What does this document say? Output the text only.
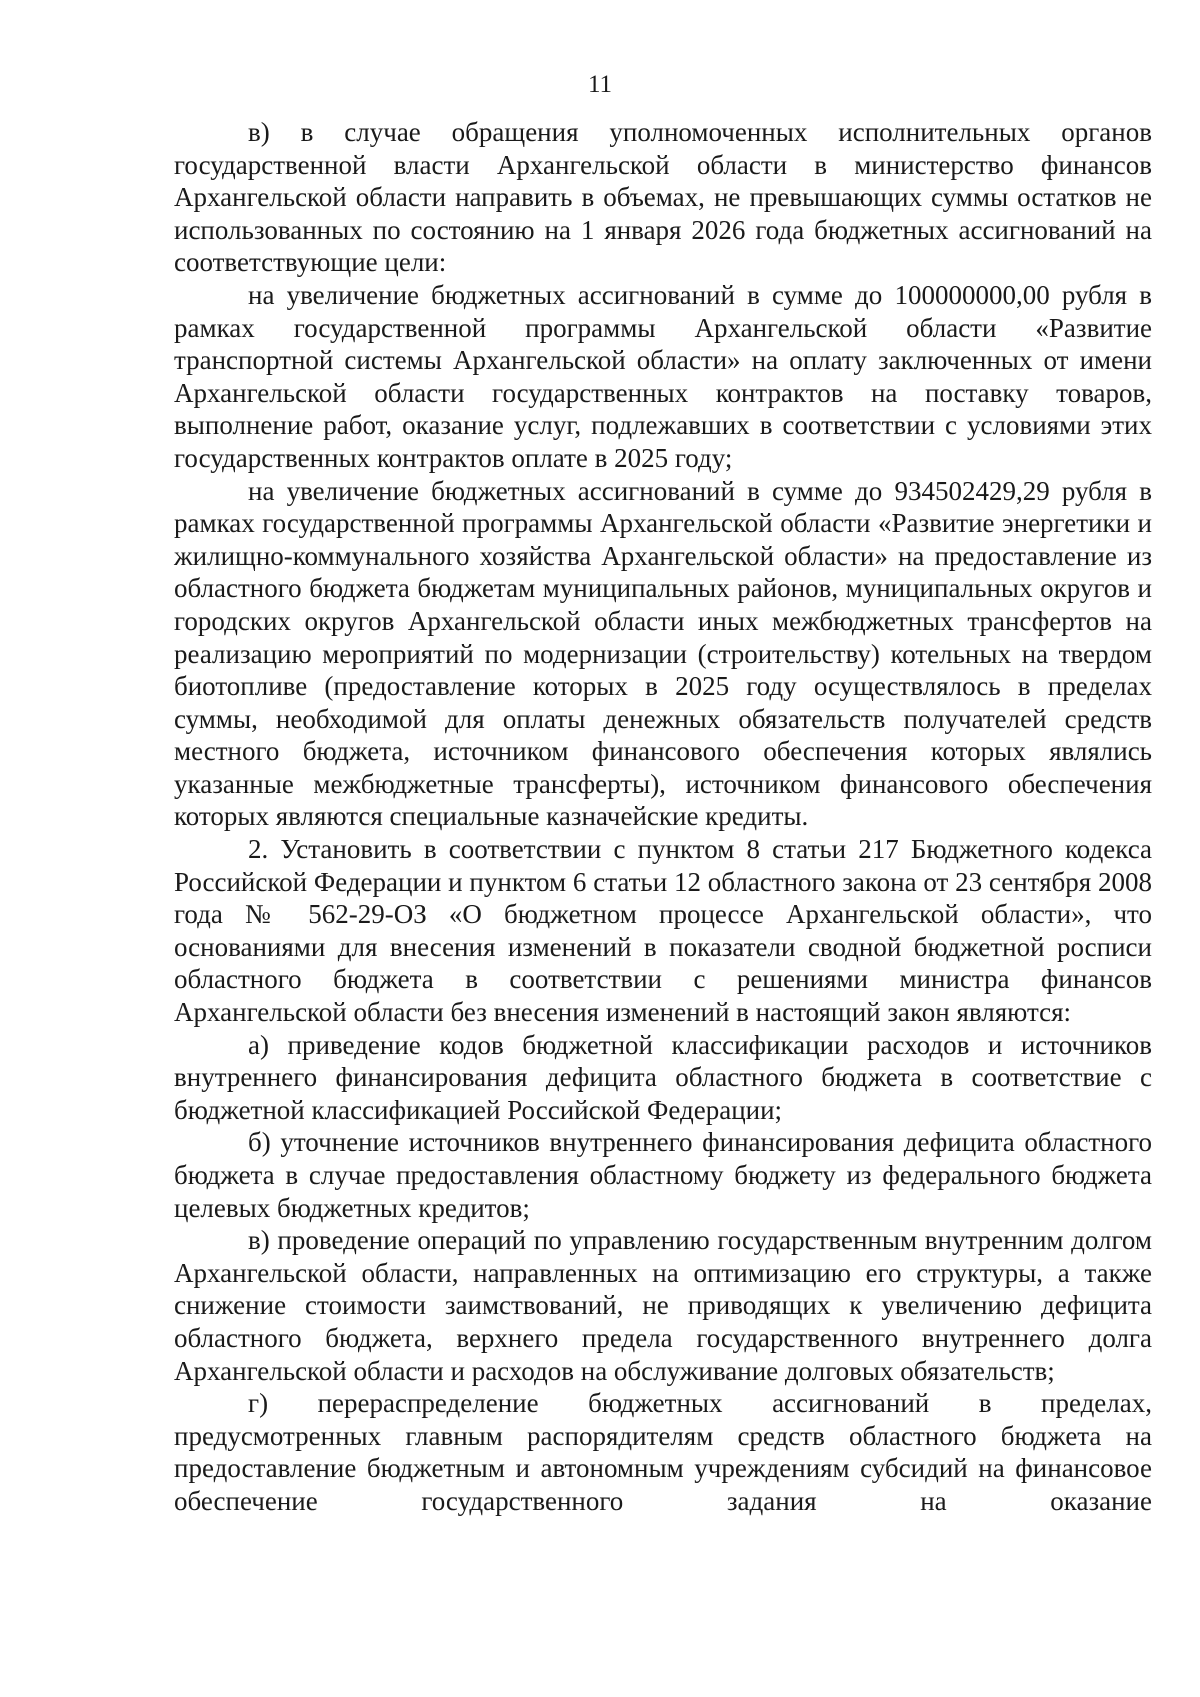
11

в) в случае обращения уполномоченных исполнительных органов государственной власти Архангельской области в министерство финансов Архангельской области направить в объемах, не превышающих суммы остатков не использованных по состоянию на 1 января 2026 года бюджетных ассигнований на соответствующие цели:

на увеличение бюджетных ассигнований в сумме до 100000000,00 рубля в рамках государственной программы Архангельской области «Развитие транспортной системы Архангельской области» на оплату заключенных от имени Архангельской области государственных контрактов на поставку товаров, выполнение работ, оказание услуг, подлежавших в соответствии с условиями этих государственных контрактов оплате в 2025 году;

на увеличение бюджетных ассигнований в сумме до 934502429,29 рубля в рамках государственной программы Архангельской области «Развитие энергетики и жилищно-коммунального хозяйства Архангельской области» на предоставление из областного бюджета бюджетам муниципальных районов, муниципальных округов и городских округов Архангельской области иных межбюджетных трансфертов на реализацию мероприятий по модернизации (строительству) котельных на твердом биотопливе (предоставление которых в 2025 году осуществлялось в пределах суммы, необходимой для оплаты денежных обязательств получателей средств местного бюджета, источником финансового обеспечения которых являлись указанные межбюджетные трансферты), источником финансового обеспечения которых являются специальные казначейские кредиты.

2. Установить в соответствии с пунктом 8 статьи 217 Бюджетного кодекса Российской Федерации и пунктом 6 статьи 12 областного закона от 23 сентября 2008 года № 562-29-ОЗ «О бюджетном процессе Архангельской области», что основаниями для внесения изменений в показатели сводной бюджетной росписи областного бюджета в соответствии с решениями министра финансов Архангельской области без внесения изменений в настоящий закон являются:

а) приведение кодов бюджетной классификации расходов и источников внутреннего финансирования дефицита областного бюджета в соответствие с бюджетной классификацией Российской Федерации;

б) уточнение источников внутреннего финансирования дефицита областного бюджета в случае предоставления областному бюджету из федерального бюджета целевых бюджетных кредитов;

в) проведение операций по управлению государственным внутренним долгом Архангельской области, направленных на оптимизацию его структуры, а также снижение стоимости заимствований, не приводящих к увеличению дефицита областного бюджета, верхнего предела государственного внутреннего долга Архангельской области и расходов на обслуживание долговых обязательств;

г) перераспределение бюджетных ассигнований в пределах, предусмотренных главным распорядителям средств областного бюджета на предоставление бюджетным и автономным учреждениям субсидий на финансовое обеспечение государственного задания на оказание
